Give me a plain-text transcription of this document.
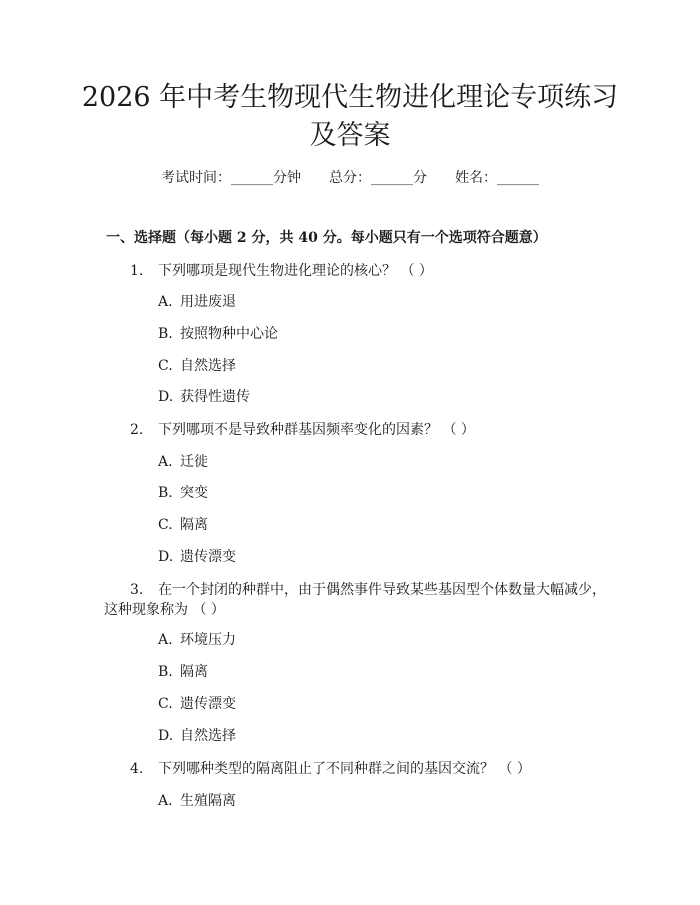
2026 年中考生物现代生物进化理论专项练习
及答案
考试时间：______分钟 总分：______分 姓名：______
一、选择题（每小题 2 分，共 40 分。每小题只有一个选项符合题意）
1. 下列哪项是现代生物进化理论的核心？ （ ）
A. 用进废退
B. 按照物种中心论
C. 自然选择
D. 获得性遗传
2. 下列哪项不是导致种群基因频率变化的因素？ （ ）
A. 迁徙
B. 突变
C. 隔离
D. 遗传漂变
3. 在一个封闭的种群中，由于偶然事件导致某些基因型个体数量大幅减少，
这种现象称为 （ ）
A. 环境压力
B. 隔离
C. 遗传漂变
D. 自然选择
4. 下列哪种类型的隔离阻止了不同种群之间的基因交流？ （ ）
A. 生殖隔离
